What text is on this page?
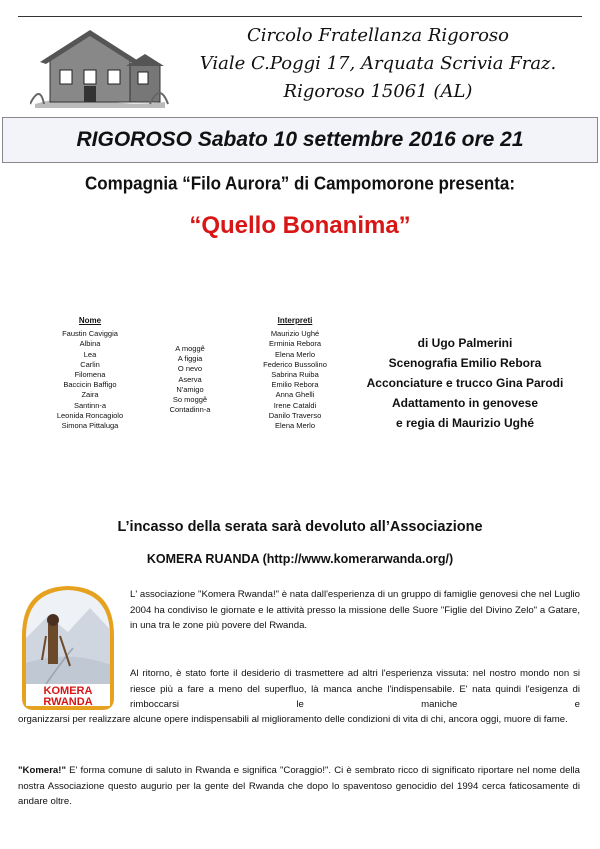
Circolo Fratellanza Rigoroso
Viale C.Poggi 17, Arquata Scrivia Fraz.
Rigoroso 15061 (AL)
RIGOROSO Sabato 10 settembre 2016 ore 21
Compagnia “Filo Aurora” di Campomorone presenta:
“Quello Bonanima”
Nome
Faustin Caviggia
Albina
Lea
Carlin
Filomena
Baccicin Baffigo
Zaira
Santinn-a
Leonida Roncagiolo
Simona Pittaluga
A moggê
A figgia
O nevo
Aserva
N'amigo
So moggê
Contadinn-a
Interpreti
Maurizio Ughé
Erminia Rebora
Elena Merlo
Federico Bussolino
Sabrina Ruiba
Emilio Rebora
Anna Ghelli
Irene Cataldi
Danilo Traverso
Elena Merlo
di Ugo Palmerini
Scenografia Emilio Rebora
Acconciature e trucco Gina Parodi
Adattamento in genovese
e regia di Maurizio Ughé
L’incasso della serata sarà devoluto all’Associazione
KOMERA RUANDA (http://www.komerarwanda.org/)
KOMERA
RWANDA
L' associazione "Komera Rwanda!" è nata dall'esperienza di un gruppo di famiglie genovesi che nel Luglio 2004 ha condiviso le giornate e le attività presso la missione delle Suore "Figlie del Divino Zelo" a Gatare, in una tra le zone più povere del Rwanda.
Al ritorno, è stato forte il desiderio di trasmettere ad altri l'esperienza vissuta: nel nostro mondo non si riesce più a fare a meno del superfluo, là manca anche l'indispensabile. E' nata quindi l'esigenza di rimboccarsi le maniche e
organizzarsi per realizzare alcune opere indispensabili al miglioramento delle condizioni di vita di chi, ancora oggi, muore di fame.
"Komera!" E' forma comune di saluto in Rwanda e significa "Coraggio!". Ci è sembrato ricco di significato riportare nel nome della nostra Associazione questo augurio per la gente del Rwanda che dopo lo spaventoso genocidio del 1994 cerca faticosamente di andare oltre.
